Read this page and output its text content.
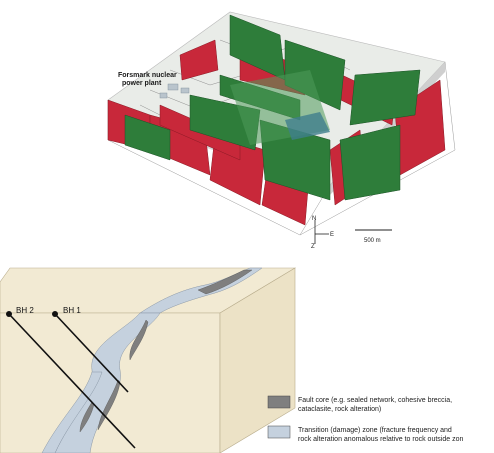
Forsmark nuclear
power plant
N
E
Z
500 m
BH 2	BH 1
Fault core (e.g. sealed network, cohesive breccia,
cataclasite, rock alteration)
Transition (damage) zone (fracture frequency and
rock alteration anomalous relative to rock outside zon
